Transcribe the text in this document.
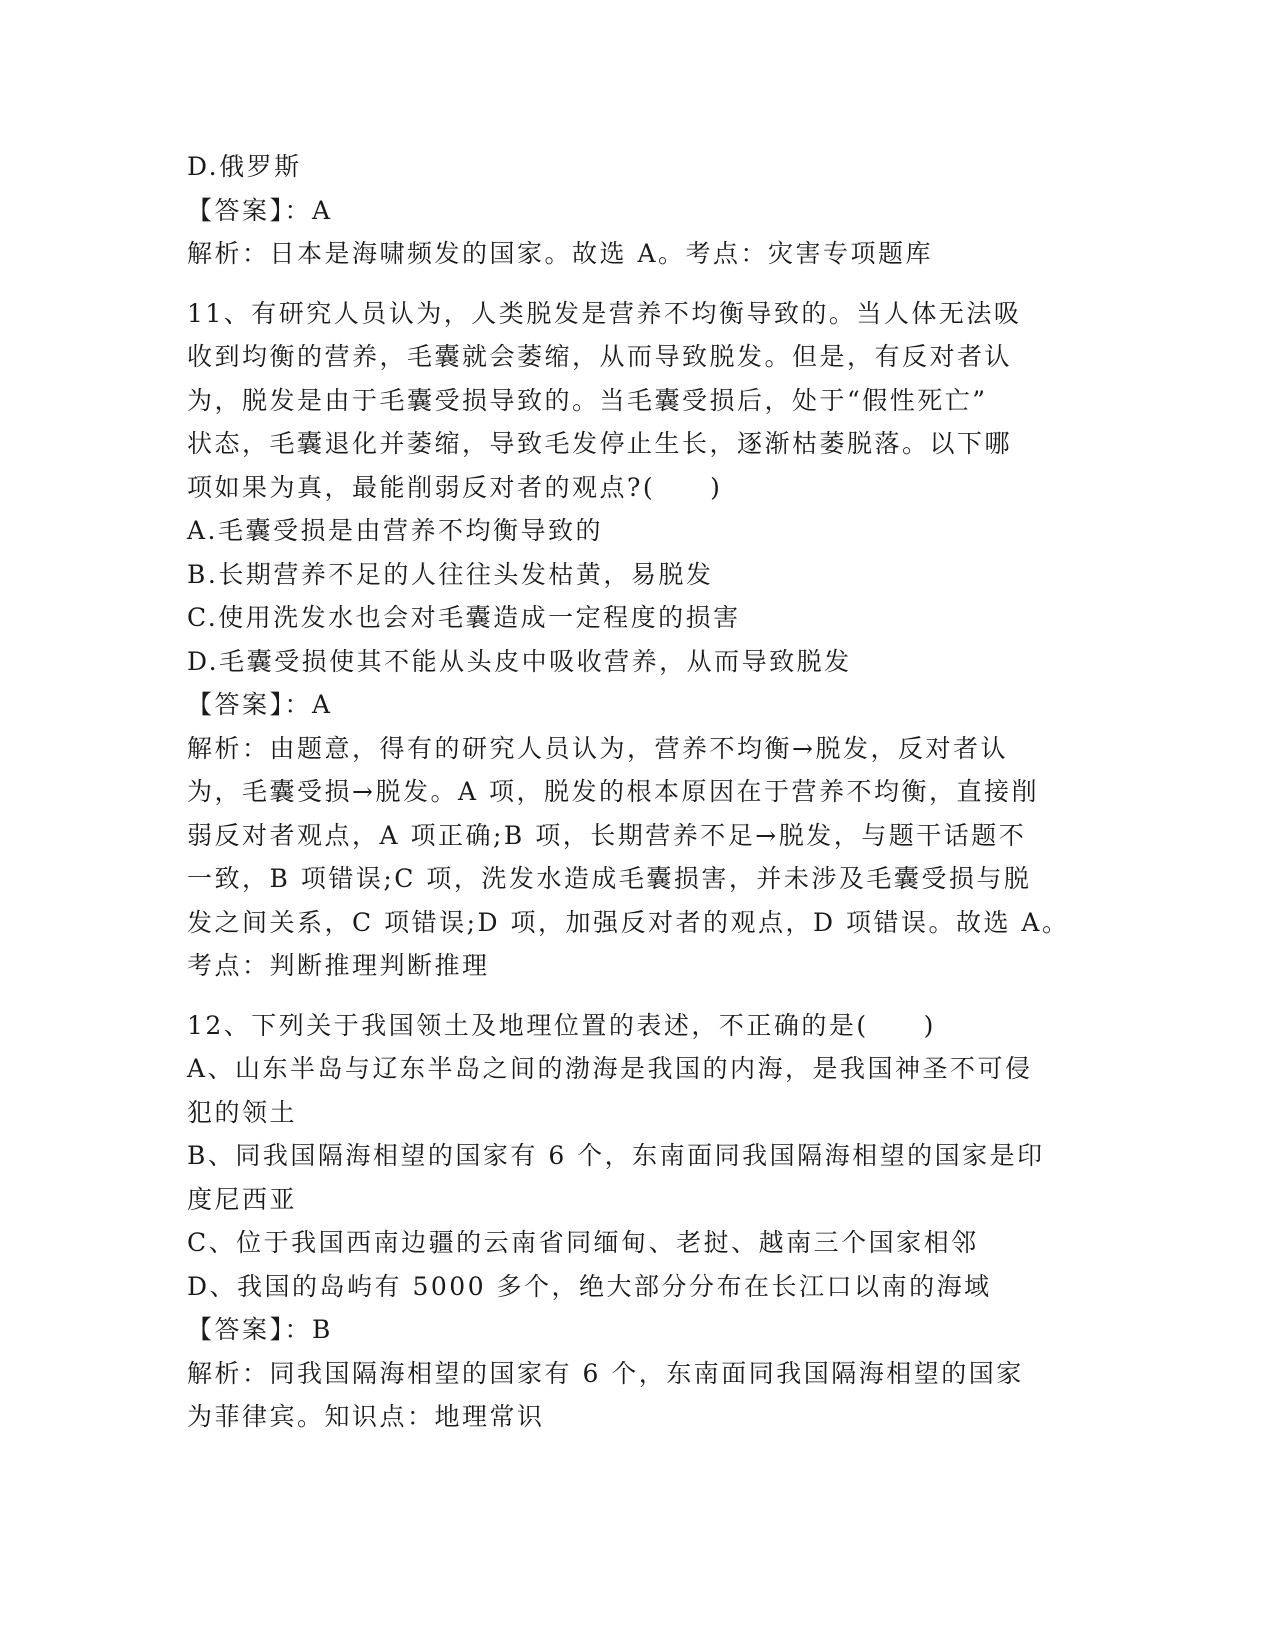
D.俄罗斯
【答案】：A
解析：日本是海啸频发的国家。故选 A。考点：灾害专项题库
11、有研究人员认为，人类脱发是营养不均衡导致的。当人体无法吸
收到均衡的营养，毛囊就会萎缩，从而导致脱发。但是，有反对者认
为，脱发是由于毛囊受损导致的。当毛囊受损后，处于“假性死亡”
状态，毛囊退化并萎缩，导致毛发停止生长，逐渐枯萎脱落。以下哪
项如果为真，最能削弱反对者的观点?(　　)
A.毛囊受损是由营养不均衡导致的
B.长期营养不足的人往往头发枯黄，易脱发
C.使用洗发水也会对毛囊造成一定程度的损害
D.毛囊受损使其不能从头皮中吸收营养，从而导致脱发
【答案】：A
解析：由题意，得有的研究人员认为，营养不均衡→脱发，反对者认
为，毛囊受损→脱发。A 项，脱发的根本原因在于营养不均衡，直接削
弱反对者观点，A 项正确;B 项，长期营养不足→脱发，与题干话题不
一致，B 项错误;C 项，洗发水造成毛囊损害，并未涉及毛囊受损与脱
发之间关系，C 项错误;D 项，加强反对者的观点，D 项错误。故选 A。
考点：判断推理判断推理
12、下列关于我国领土及地理位置的表述，不正确的是(　　)
A、山东半岛与辽东半岛之间的渤海是我国的内海，是我国神圣不可侵
犯的领土
B、同我国隔海相望的国家有 6 个，东南面同我国隔海相望的国家是印
度尼西亚
C、位于我国西南边疆的云南省同缅甸、老挝、越南三个国家相邻
D、我国的岛屿有 5000 多个，绝大部分分布在长江口以南的海域
【答案】：B
解析：同我国隔海相望的国家有 6 个，东南面同我国隔海相望的国家
为菲律宾。知识点：地理常识
